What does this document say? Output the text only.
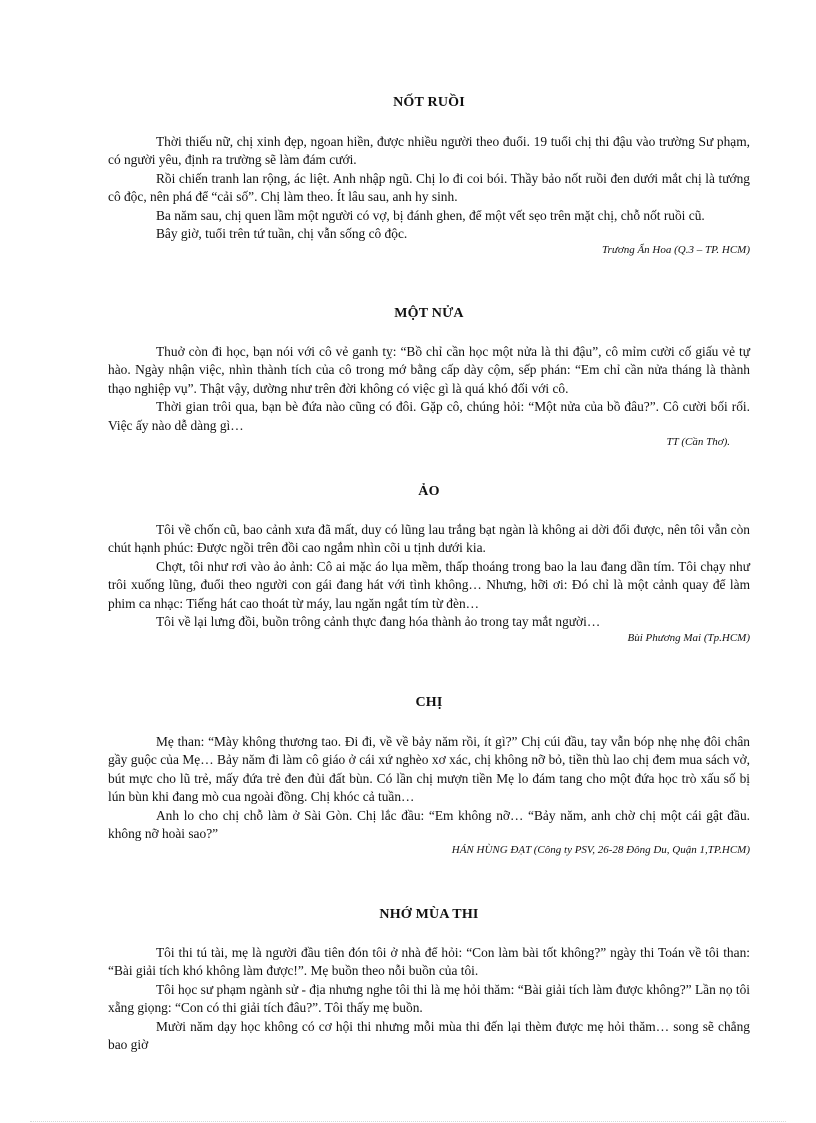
NỐT RUỒI

Thời thiếu nữ, chị xinh đẹp, ngoan hiền, được nhiều người theo đuổi. 19 tuổi chị thi đậu vào trường Sư phạm, có người yêu, định ra trường sẽ làm đám cưới.

Rồi chiến tranh lan rộng, ác liệt. Anh nhập ngũ. Chị lo đi coi bói. Thầy bảo nốt ruồi đen dưới mắt chị là tướng cô độc, nên phá để “cải số”. Chị làm theo. Ít lâu sau, anh hy sinh.

Ba năm sau, chị quen lầm một người có vợ, bị đánh ghen, để một vết sẹo trên mặt chị, chỗ nốt ruồi cũ.

Bây giờ, tuổi trên tứ tuần, chị vẫn sống cô độc.

Trương Ẩn Hoa (Q.3 – TP. HCM)

MỘT NỬA

Thuở còn đi học, bạn nói với cô vẻ ganh tỵ: “Bồ chỉ cần học một nửa là thi đậu”, cô mỉm cười cố giấu vẻ tự hào. Ngày nhận việc, nhìn thành tích của cô trong mớ bằng cấp dày cộm, sếp phán: “Em chỉ cần nửa tháng là thành thạo nghiệp vụ”. Thật vậy, dường như trên đời không có việc gì là quá khó đối với cô.

Thời gian trôi qua, bạn bè đứa nào cũng có đôi. Gặp cô, chúng hỏi: “Một nửa của bồ đâu?”. Cô cười bối rối. Việc ấy nào dễ dàng gì…

TT (Cần Thơ).

ẢO

Tôi về chốn cũ, bao cảnh xưa đã mất, duy có lũng lau trắng bạt ngàn là không ai dời đổi được, nên tôi vẫn còn chút hạnh phúc: Được ngồi trên đồi cao ngắm nhìn cõi u tịnh dưới kia.

Chợt, tôi như rơi vào ảo ảnh: Cô ai mặc áo lụa mềm, thấp thoáng trong bao la lau đang dần tím. Tôi chạy như trôi xuống lũng, đuổi theo người con gái đang hát với tình không… Nhưng, hỡi ơi: Đó chỉ là một cảnh quay để làm phim ca nhạc: Tiếng hát cao thoát từ máy, lau ngăn ngắt tím từ đèn…

Tôi về lại lưng đồi, buồn trông cảnh thực đang hóa thành ảo trong tay mắt người…

Bùi Phương Mai (Tp.HCM)

CHỊ

Mẹ than: “Mày không thương tao. Đi đi, về về bảy năm rồi, ít gì?” Chị cúi đầu, tay vẫn bóp nhẹ nhẹ đôi chân gầy guộc của Mẹ… Bảy năm đi làm cô giáo ở cái xứ nghèo xơ xác, chị không nỡ bỏ, tiền thù lao chị đem mua sách vở, bút mực cho lũ trẻ, mấy đứa trẻ đen đủi đất bùn. Có lần chị mượn tiền Mẹ lo đám tang cho một đứa học trò xấu số bị lún bùn khi đang mò cua ngoài đồng. Chị khóc cả tuần…

Anh lo cho chị chỗ làm ở Sài Gòn. Chị lắc đầu: “Em không nỡ… “Bảy năm, anh chờ chị một cái gật đầu. không nỡ hoài sao?”

HÁN HÙNG ĐẠT (Công ty PSV, 26-28 Đông Du, Quận 1,TP.HCM)

NHỚ MÙA THI

Tôi thi tú tài, mẹ là người đầu tiên đón tôi ở nhà để hỏi: “Con làm bài tốt không?” ngày thi Toán về tôi than: “Bài giải tích khó không làm được!”. Mẹ buồn theo nỗi buồn của tôi.

Tôi học sư phạm ngành sử - địa nhưng nghe tôi thi là mẹ hỏi thăm: “Bài giải tích làm được không?” Lần nọ tôi xẵng giọng: “Con có thi giải tích đâu?”. Tôi thấy mẹ buồn.

Mười năm dạy học không có cơ hội thi nhưng mỗi mùa thi đến lại thèm được mẹ hỏi thăm… song sẽ chẳng bao giờ
